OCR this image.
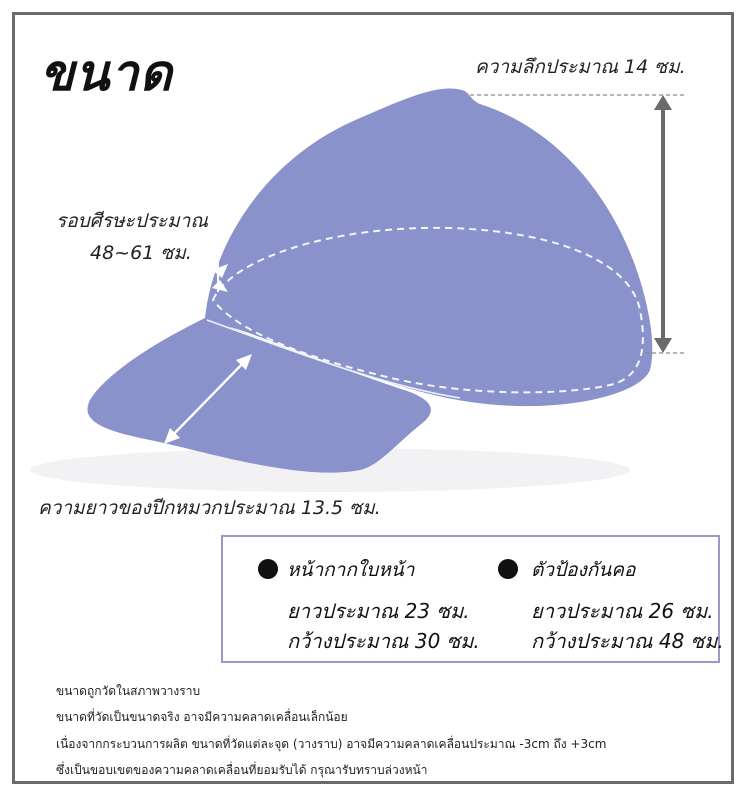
ขนาด	ความลึกประมาณ 14 ซม.
รอบศีรษะประมาณ
48~61 ซม.
ความยาวของปีกหมวกประมาณ 13.5 ซม.
หน้ากากใบหน้า
ยาวประมาณ 23 ซม.
กว้างประมาณ 30 ซม.
ตัวป้องกันคอ
ยาวประมาณ 26 ซม.
กว้างประมาณ 48 ซม.
ขนาดถูกวัดในสภาพวางราบ
ขนาดที่วัดเป็นขนาดจริง อาจมีความคลาดเคลื่อนเล็กน้อย
เนื่องจากกระบวนการผลิต ขนาดที่วัดแต่ละจุด (วางราบ) อาจมีความคลาดเคลื่อนประมาณ -3cm ถึง +3cm
ซึ่งเป็นขอบเขตของความคลาดเคลื่อนที่ยอมรับได้ กรุณารับทราบล่วงหน้า
